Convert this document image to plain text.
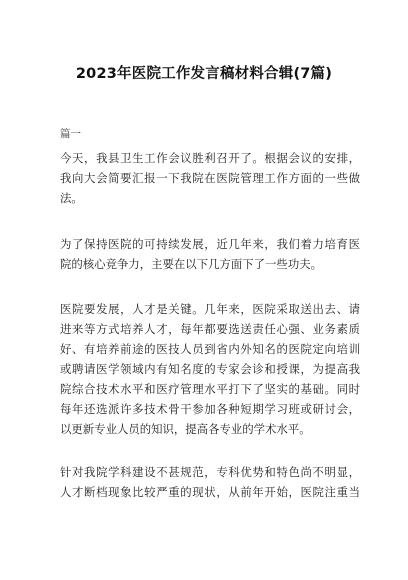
2023年医院工作发言稿材料合辑(7篇)
篇一
今天，我县卫生工作会议胜利召开了。根据会议的安排，
我向大会简要汇报一下我院在医院管理工作方面的一些做
法。
为了保持医院的可持续发展，近几年来，我们着力培育医
院的核心竞争力，主要在以下几方面下了一些功夫。
医院要发展，人才是关键。几年来，医院采取送出去、请
进来等方式培养人才，每年都要选送责任心强、业务素质
好、有培养前途的医技人员到省内外知名的医院定向培训
或聘请医学领域内有知名度的专家会诊和授课，为提高我
院综合技术水平和医疗管理水平打下了坚实的基础。同时
每年还选派许多技术骨干参加各种短期学习班或研讨会，
以更新专业人员的知识，提高各专业的学术水平。
针对我院学科建设不甚规范，专科优势和特色尚不明显，
人才断档现象比较严重的现状，从前年开始，医院注重当
